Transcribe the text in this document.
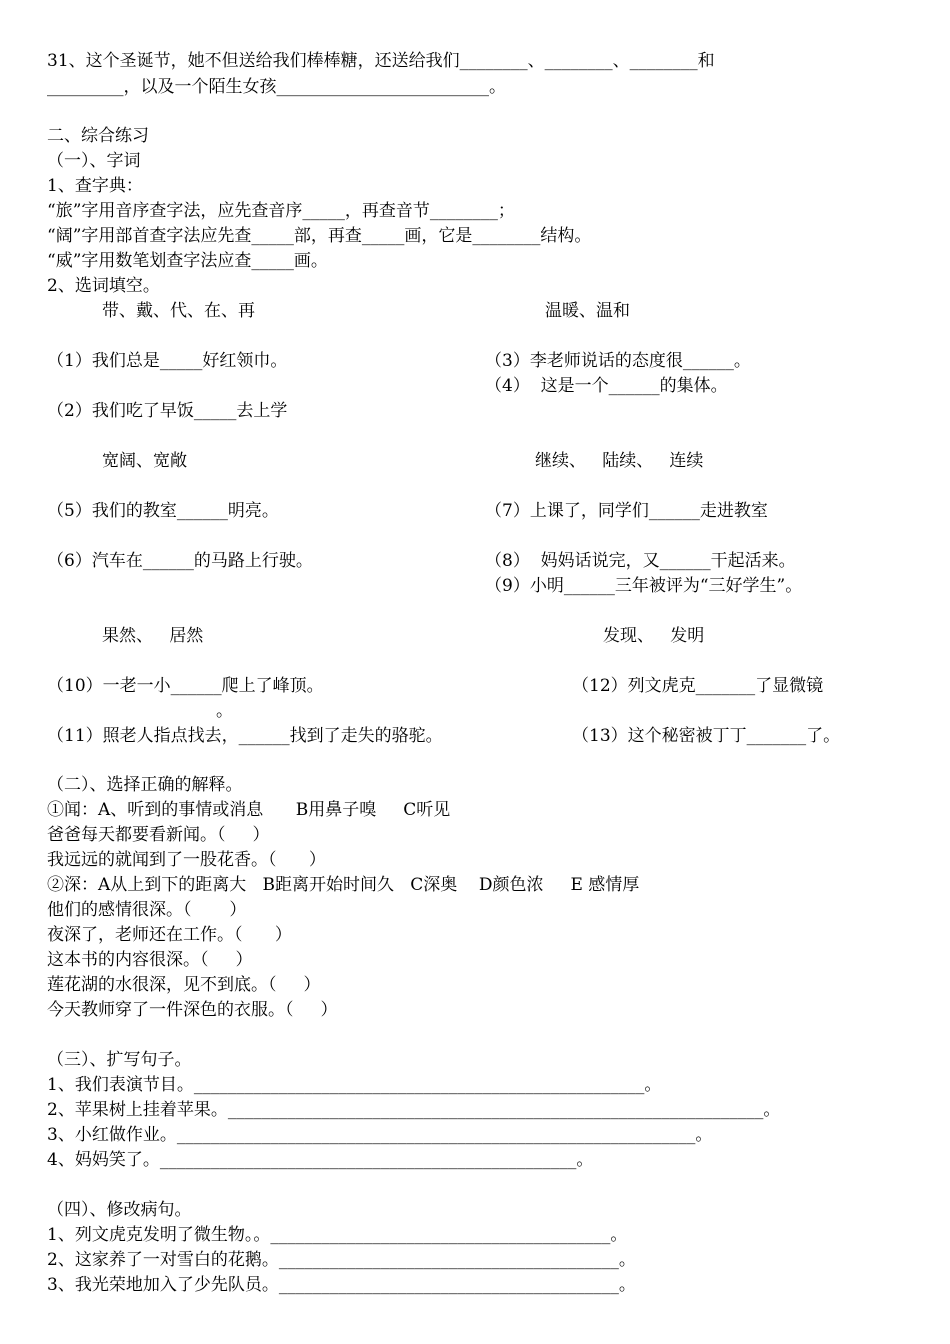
31、这个圣诞节，她不但送给我们棒棒糖，还送给我们________、________、________和
_________，以及一个陌生女孩_________________________。
二、综合练习
（一）、字词
1、查字典：
“旅”字用音序查字法，应先查音序_____，再查音节________；
“阔”字用部首查字法应先查_____部，再查_____画，它是________结构。
“威”字用数笔划查字法应查_____画。
2、选词填空。
带、戴、代、在、再	温暖、温和
（1）我们总是_____好红领巾。	（3）李老师说话的态度很______。
（4）  这是一个______的集体。
（2）我们吃了早饭_____去上学
宽阔、宽敞	继续、   陆续、   连续
（5）我们的教室______明亮。	（7）上课了，同学们______走进教室
（6）汽车在______的马路上行驶。	（8）  妈妈话说完，又______干起活来。
（9）小明______三年被评为“三好学生”。
果然、   居然	发现、   发明
（10）一老一小______爬上了峰顶。	（12）列文虎克_______了显微镜
。
（11）照老人指点找去，______找到了走失的骆驼。	（13）这个秘密被丁丁_______了。
（二）、选择正确的解释。
①闻：A、听到的事情或消息      B用鼻子嗅     C听见
爸爸每天都要看新闻。（     ）
我远远的就闻到了一股花香。（      ）
②深：A从上到下的距离大   B距离开始时间久   C深奥    D颜色浓     E 感情厚
他们的感情很深。（       ）
夜深了，老师还在工作。（      ）
这本书的内容很深。（     ）
莲花湖的水很深，见不到底。（     ）
今天教师穿了一件深色的衣服。（     ）
（三）、扩写句子。
1、我们表演节目。_____________________________________________________。
2、苹果树上挂着苹果。_______________________________________________________________。
3、小红做作业。_____________________________________________________________。
4、妈妈笑了。_________________________________________________。
（四）、修改病句。
1、列文虎克发明了微生物。。________________________________________。
2、这家养了一对雪白的花鹅。________________________________________。
3、我光荣地加入了少先队员。________________________________________。
